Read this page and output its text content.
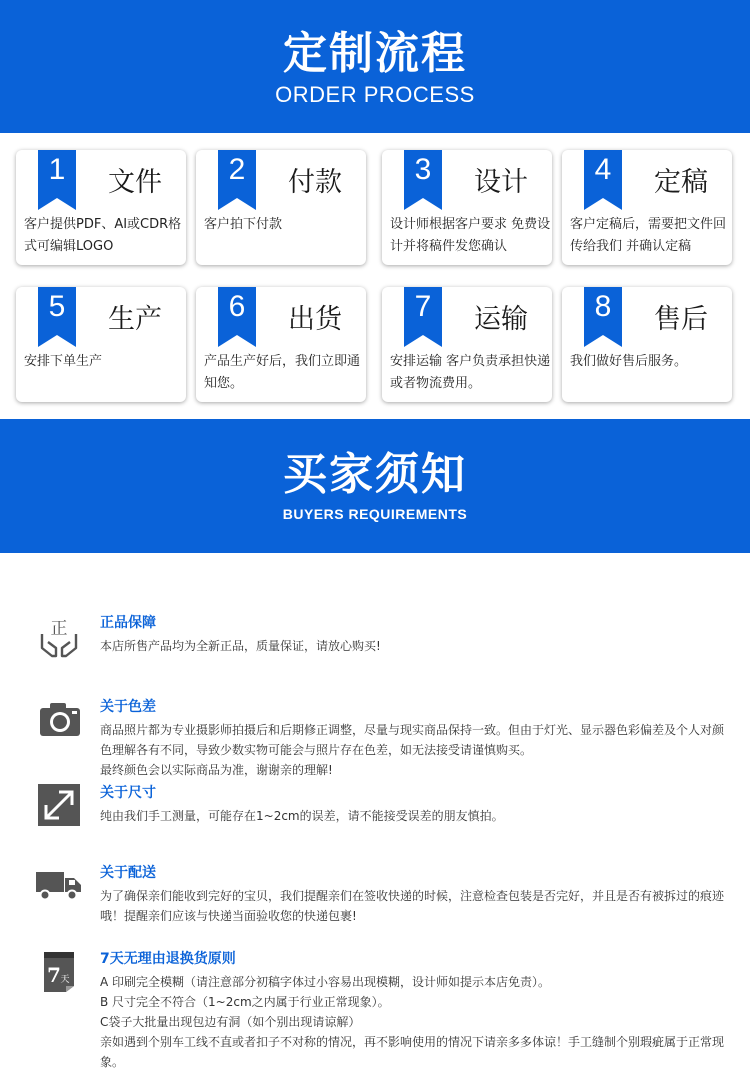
定制流程
ORDER PROCESS
1	文件
客户提供PDF、AI或CDR格式可编辑LOGO
2	付款
客户拍下付款
3	设计
设计师根据客户要求 免费设计并将稿件发您确认
4	定稿
客户定稿后，需要把文件回传给我们 并确认定稿
5	生产
安排下单生产
6	出货
产品生产好后，我们立即通知您。
7	运输
安排运输 客户负责承担快递或者物流费用。
8	售后
我们做好售后服务。
买家须知
BUYERS REQUIREMENTS
正 正品保障
本店所售产品均为全新正品，质量保证，请放心购买!
关于色差
商品照片都为专业摄影师拍摄后和后期修正调整，尽量与现实商品保持一致。但由于灯光、显示器色彩偏差及个人对颜色理解各有不同，导致少数实物可能会与照片存在色差，如无法接受请谨慎购买。
最终颜色会以实际商品为准，谢谢亲的理解!
关于尺寸
纯由我们手工测量，可能存在1~2cm的误差，请不能接受误差的朋友慎拍。
关于配送
为了确保亲们能收到完好的宝贝，我们提醒亲们在签收快递的时候，注意检查包装是否完好，并且是否有被拆过的痕迹哦！提醒亲们应该与快递当面验收您的快递包裹!
7 天
7天无理由退换货原则
A 印刷完全模糊（请注意部分初稿字体过小容易出现模糊，设计师如提示本店免责）。
B 尺寸完全不符合（1~2cm之内属于行业正常现象）。
C袋子大批量出现包边有洞（如个别出现请谅解）
亲如遇到个别车工线不直或者扣子不对称的情况，再不影响使用的情况下请亲多多体谅！手工缝制个别瑕疵属于正常现象。
